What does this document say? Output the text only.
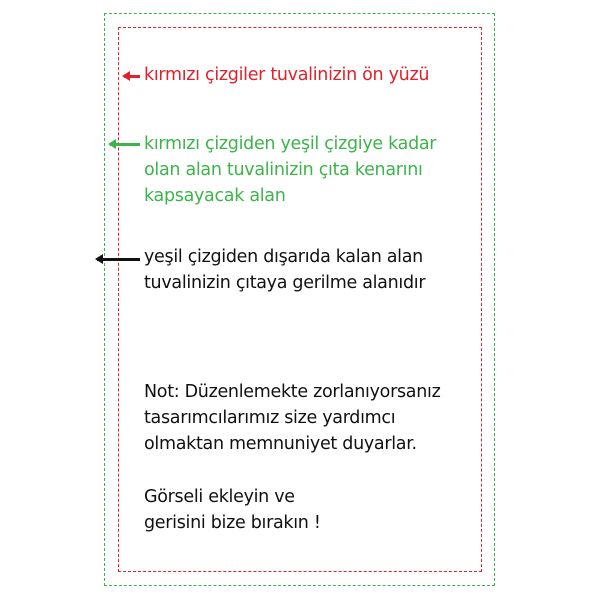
kırmızı çizgiler tuvalinizin ön yüzü
kırmızı çizgiden yeşil çizgiye kadar
olan alan tuvalinizin çıta kenarını
kapsayacak alan
yeşil çizgiden dışarıda kalan alan
tuvalinizin çıtaya gerilme alanıdır
Not: Düzenlemekte zorlanıyorsanız
tasarımcılarımız size yardımcı
olmaktan memnuniyet duyarlar.
Görseli ekleyin ve
gerisini bize bırakın !
